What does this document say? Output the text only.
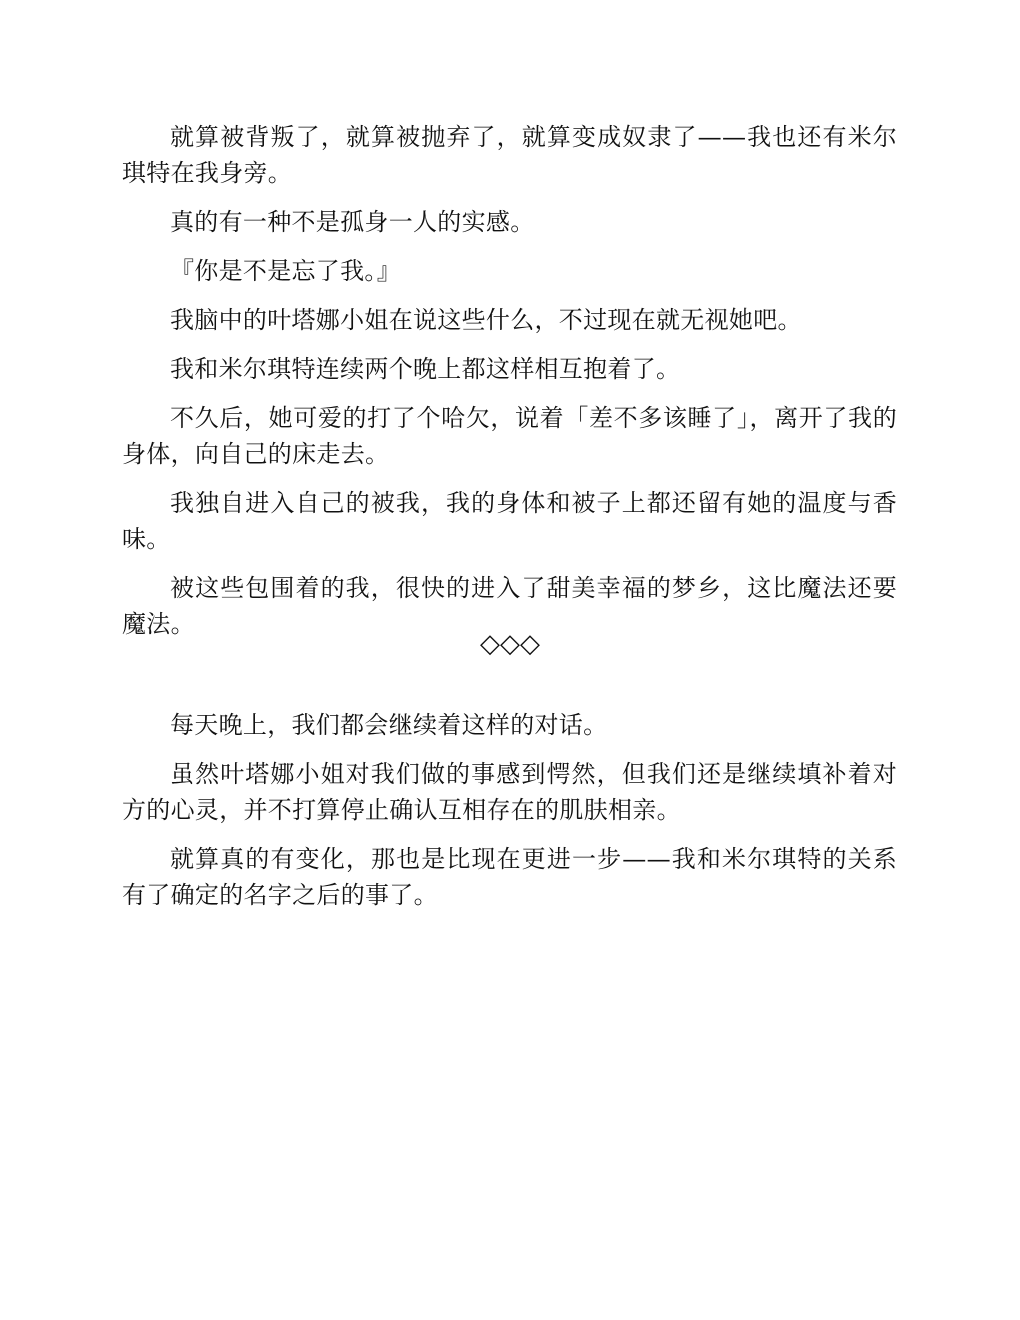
就算被背叛了，就算被抛弃了，就算变成奴隶了——我也还有米尔琪特在我身旁。

真的有一种不是孤身一人的实感。

『你是不是忘了我。』

我脑中的叶塔娜小姐在说这些什么，不过现在就无视她吧。

我和米尔琪特连续两个晚上都这样相互抱着了。

不久后，她可爱的打了个哈欠，说着「差不多该睡了」，离开了我的身体，向自己的床走去。

我独自进入自己的被我，我的身体和被子上都还留有她的温度与香味。

被这些包围着的我，很快的进入了甜美幸福的梦乡，这比魔法还要魔法。

◇◇◇

每天晚上，我们都会继续着这样的对话。

虽然叶塔娜小姐对我们做的事感到愕然，但我们还是继续填补着对方的心灵，并不打算停止确认互相存在的肌肤相亲。

就算真的有变化，那也是比现在更进一步——我和米尔琪特的关系有了确定的名字之后的事了。
